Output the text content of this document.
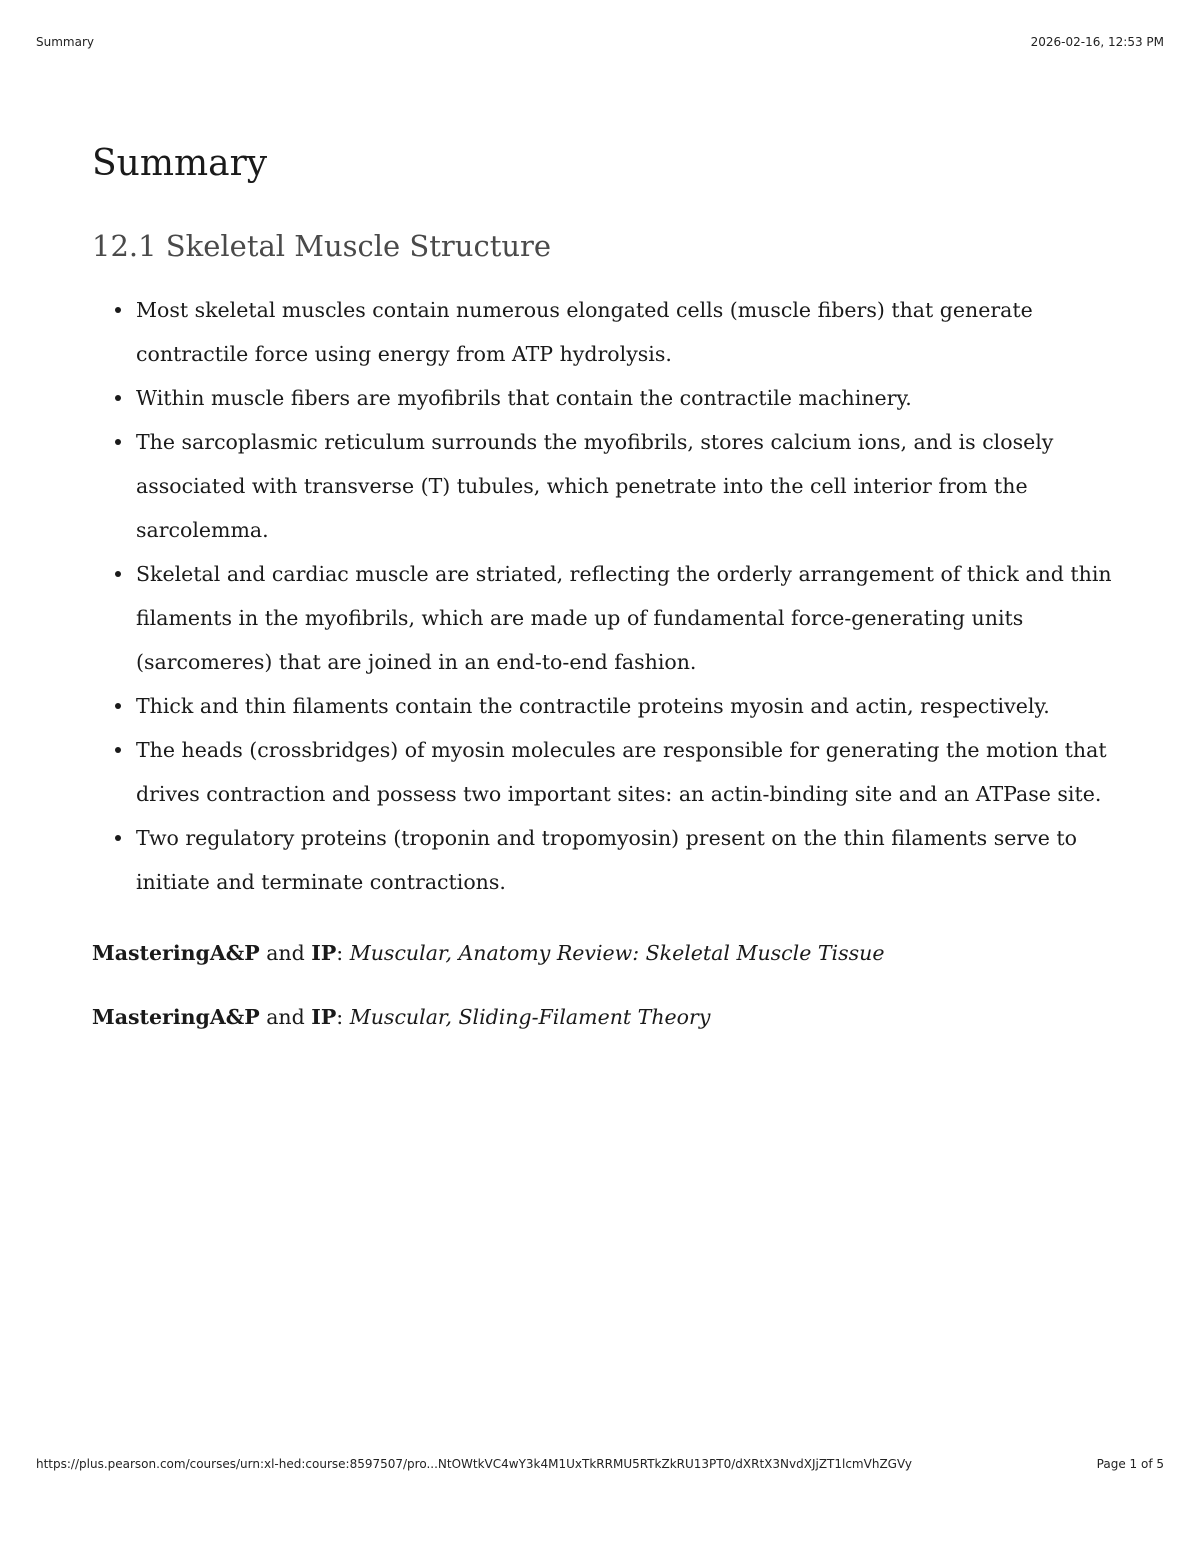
Summary	2026-02-16, 12:53 PM
Summary
12.1 Skeletal Muscle Structure
Most skeletal muscles contain numerous elongated cells (muscle fibers) that generate contractile force using energy from ATP hydrolysis.
Within muscle fibers are myofibrils that contain the contractile machinery.
The sarcoplasmic reticulum surrounds the myofibrils, stores calcium ions, and is closely associated with transverse (T) tubules, which penetrate into the cell interior from the sarcolemma.
Skeletal and cardiac muscle are striated, reflecting the orderly arrangement of thick and thin filaments in the myofibrils, which are made up of fundamental force-generating units (sarcomeres) that are joined in an end-to-end fashion.
Thick and thin filaments contain the contractile proteins myosin and actin, respectively.
The heads (crossbridges) of myosin molecules are responsible for generating the motion that drives contraction and possess two important sites: an actin-binding site and an ATPase site.
Two regulatory proteins (troponin and tropomyosin) present on the thin filaments serve to initiate and terminate contractions.

MasteringA&P and IP: Muscular, Anatomy Review: Skeletal Muscle Tissue

MasteringA&P and IP: Muscular, Sliding-Filament Theory

https://plus.pearson.com/courses/urn:xl-hed:course:8597507/pro...NtOWtkVC4wY3k4M1UxTkRRMU5RTkZkRU13PT0/dXRtX3NvdXJjZT1lcmVhZGVy	Page 1 of 5
